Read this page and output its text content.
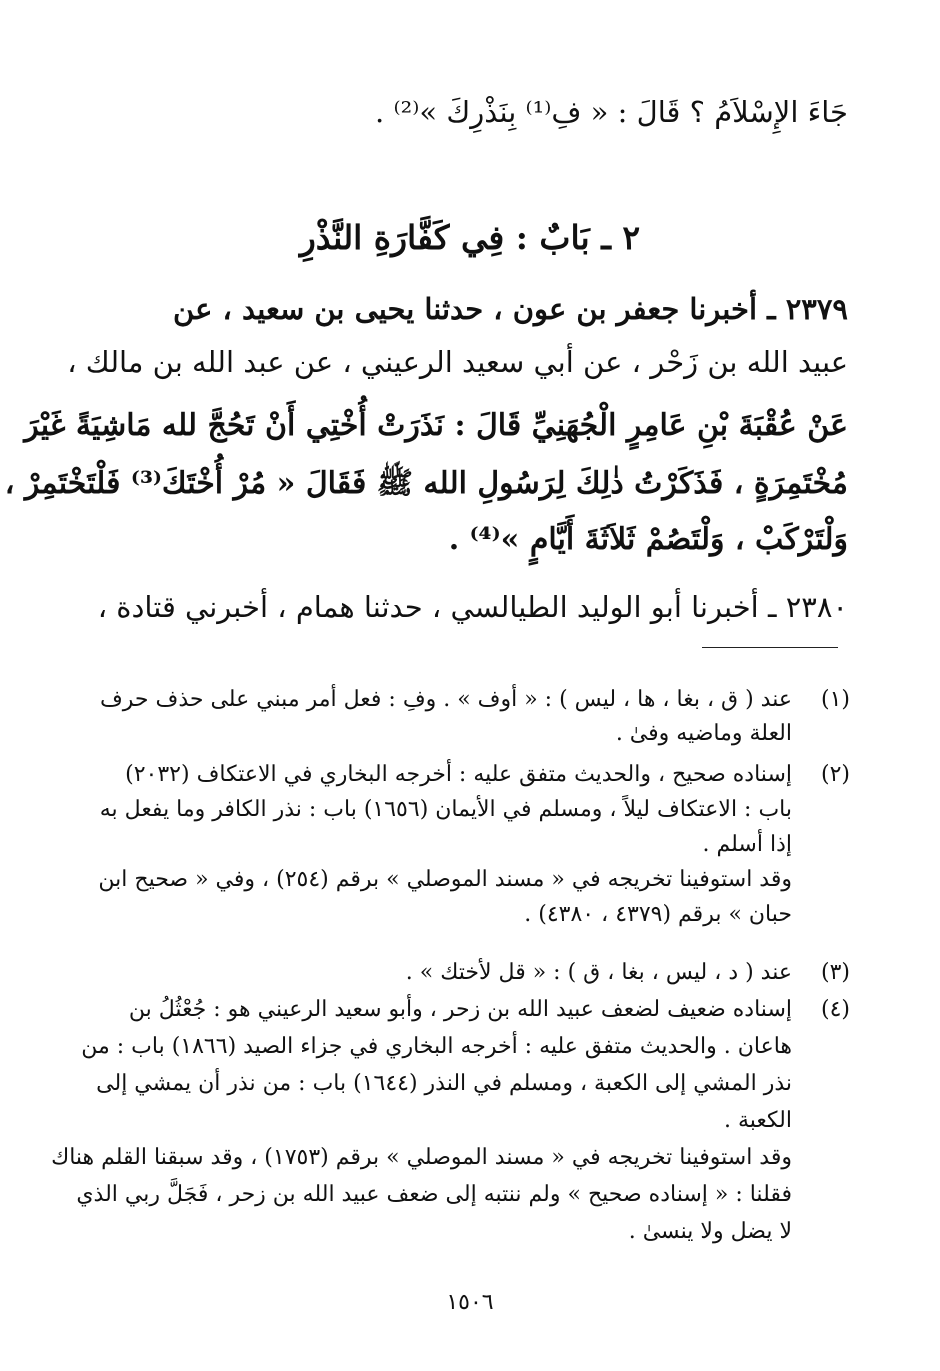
جَاءَ الإِسْلاَمُ ؟ قَالَ : « فِ⁽¹⁾ بِنَذْرِكَ »⁽²⁾ .
٢ ـ بَابٌ : فِي كَفَّارَةِ النَّذْرِ
٢٣٧٩ ـ أخبرنا جعفر بن عون ، حدثنا يحيى بن سعيد ، عن
عبيد الله بن زَحْر ، عن أبي سعيد الرعيني ، عن عبد الله بن مالك ،
عَنْ عُقْبَةَ بْنِ عَامِرٍ الْجُهَنِيِّ قَالَ : نَذَرَتْ أُخْتِي أَنْ تَحُجَّ لله مَاشِيَةً غَيْرَ
مُخْتَمِرَةٍ ، فَذَكَرْتُ ذٰلِكَ لِرَسُولِ الله ﷺ فَقَالَ « مُرْ أُخْتَكَ⁽³⁾ فَلْتَخْتَمِرْ ،
وَلْتَرْكَبْ ، وَلْتَصُمْ ثَلاَثَةَ أَيَّامٍ »⁽⁴⁾ .
٢٣٨٠ ـ أخبرنا أبو الوليد الطيالسي ، حدثنا همام ، أخبرني قتادة ،
(١)
عند ( ق ، بغا ، ها ، ليس ) : « أوف » . وفِ : فعل أمر مبني على حذف حرف
العلة وماضيه وفىٰ .
(٢)
إسناده صحيح ، والحديث متفق عليه : أخرجه البخاري في الاعتكاف (٢٠٣٢)
باب : الاعتكاف ليلاً ، ومسلم في الأيمان (١٦٥٦) باب : نذر الكافر وما يفعل به
إذا أسلم .
وقد استوفينا تخريجه في « مسند الموصلي » برقم (٢٥٤) ، وفي « صحيح ابن
حبان » برقم (٤٣٧٩ ، ٤٣٨٠) .
(٣)
عند ( د ، ليس ، بغا ، ق ) : « قل لأختك » .
(٤)
إسناده ضعيف لضعف عبيد الله بن زحر ، وأبو سعيد الرعيني هو : جُعْثُلُ بن
هاعان . والحديث متفق عليه : أخرجه البخاري في جزاء الصيد (١٨٦٦) باب : من
نذر المشي إلى الكعبة ، ومسلم في النذر (١٦٤٤) باب : من نذر أن يمشي إلى
الكعبة .
وقد استوفينا تخريجه في « مسند الموصلي » برقم (١٧٥٣) ، وقد سبقنا القلم هناك
فقلنا : « إسناده صحيح » ولم ننتبه إلى ضعف عبيد الله بن زحر ، فَجَلَّ ربي الذي
لا يضل ولا ينسىٰ .
١٥٠٦
